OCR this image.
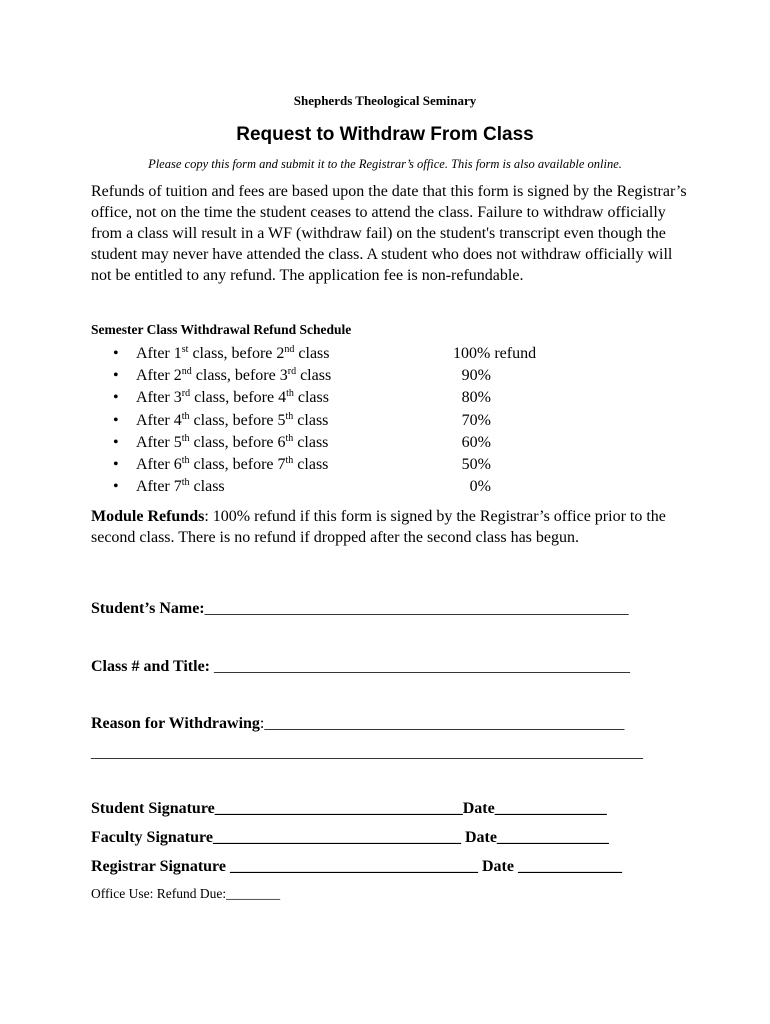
Shepherds Theological Seminary
Request to Withdraw From Class
Please copy this form and submit it to the Registrar’s office. This form is also available online.
Refunds of tuition and fees are based upon the date that this form is signed by the Registrar’s office, not on the time the student ceases to attend the class. Failure to withdraw officially from a class will result in a WF (withdraw fail) on the student's transcript even though the student may never have attended the class. A student who does not withdraw officially will not be entitled to any refund. The application fee is non-refundable.
Semester Class Withdrawal Refund Schedule
• After 1st class, before 2nd class	100% refund
• After 2nd class, before 3rd class	90%
• After 3rd class, before 4th class	80%
• After 4th class, before 5th class	70%
• After 5th class, before 6th class	60%
• After 6th class, before 7th class	50%
• After 7th class	0%
Module Refunds: 100% refund if this form is signed by the Registrar’s office prior to the second class. There is no refund if dropped after the second class has begun.
Student’s Name:_____________________________________________________
Class # and Title: ____________________________________________________
Reason for Withdrawing:_____________________________________________
_____________________________________________________________________
Student Signature_______________________________Date______________
Faculty Signature_______________________________ Date______________
Registrar Signature _______________________________ Date _____________
Office Use: Refund Due:________
